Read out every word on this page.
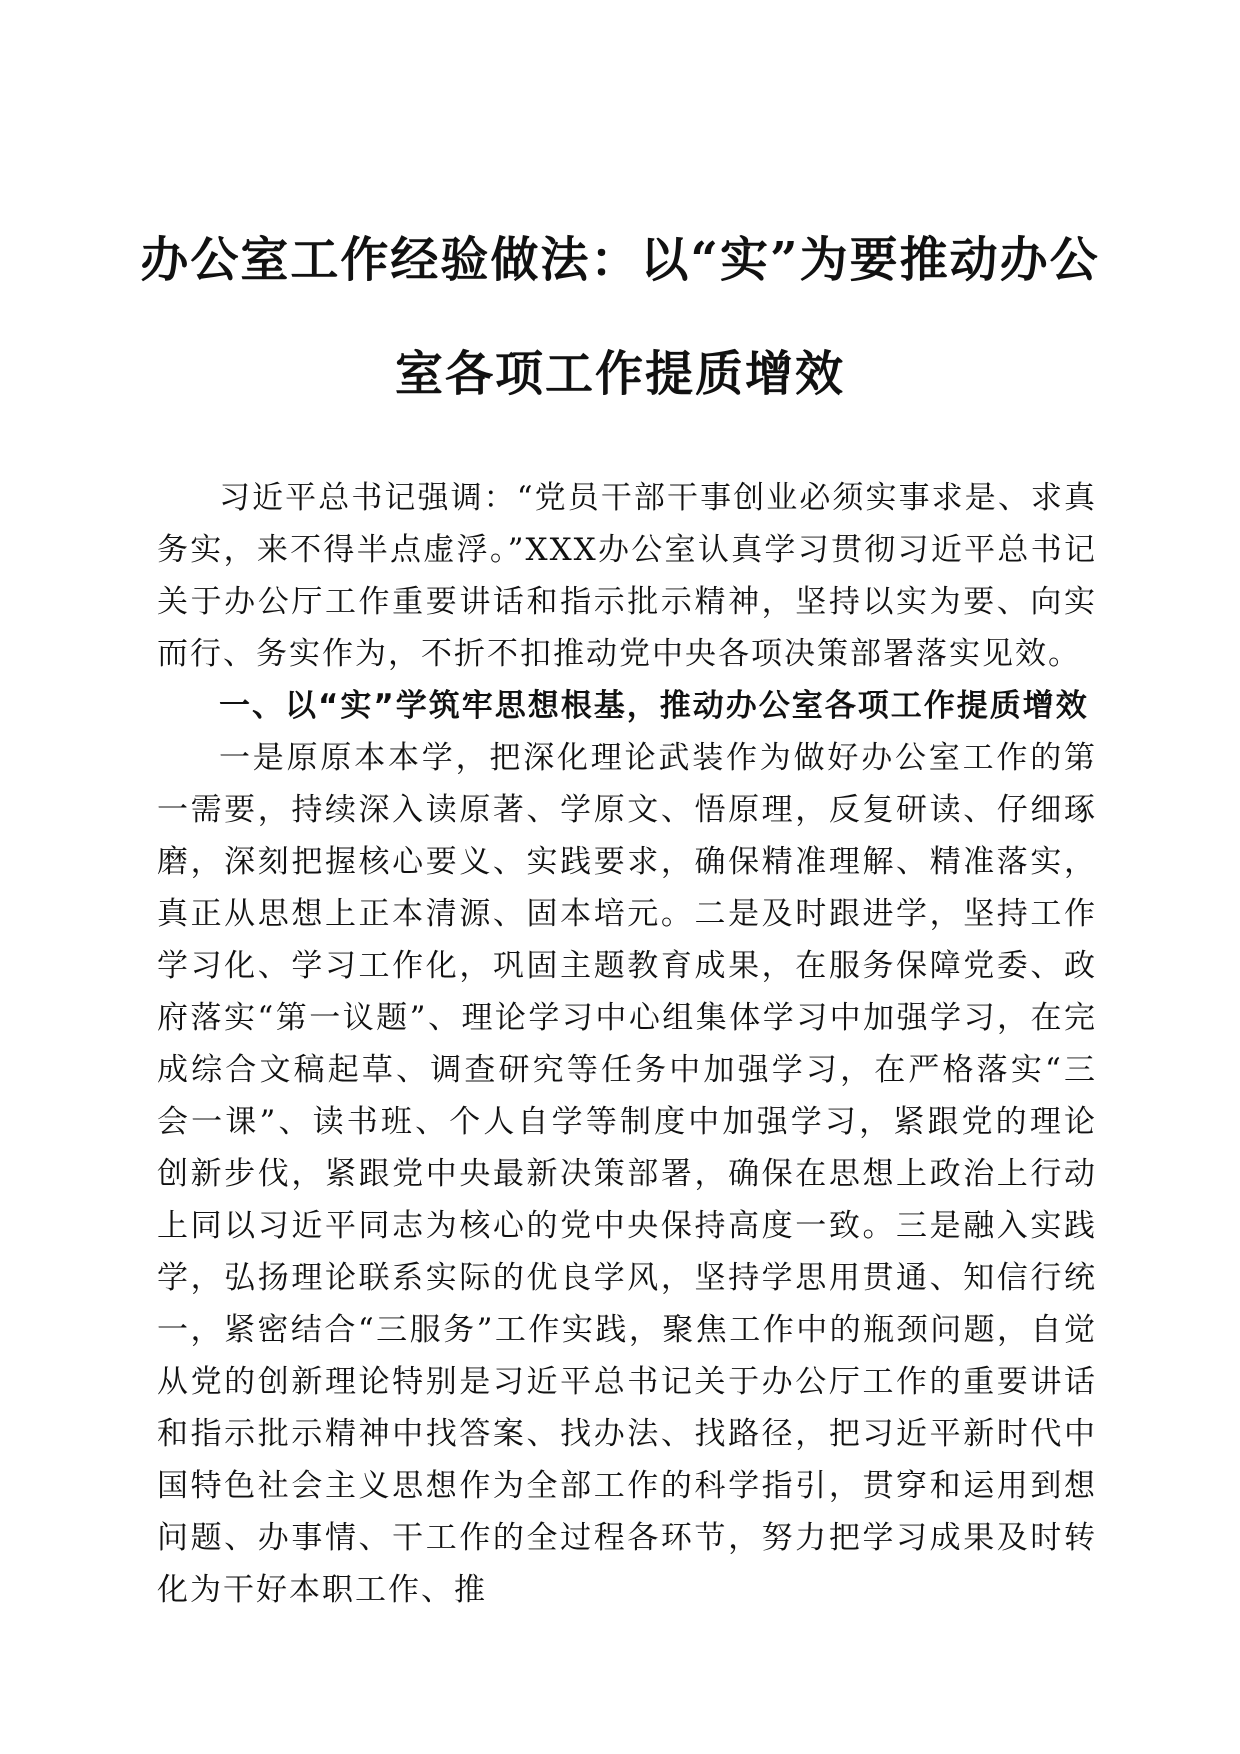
办公室工作经验做法：以“实”为要推动办公
室各项工作提质增效

习近平总书记强调：“党员干部干事创业必须实事求是、求真务实，来不得半点虚浮。”XXX办公室认真学习贯彻习近平总书记关于办公厅工作重要讲话和指示批示精神，坚持以实为要、向实而行、务实作为，不折不扣推动党中央各项决策部署落实见效。

一、以“实”学筑牢思想根基，推动办公室各项工作提质增效

一是原原本本学，把深化理论武装作为做好办公室工作的第一需要，持续深入读原著、学原文、悟原理，反复研读、仔细琢磨，深刻把握核心要义、实践要求，确保精准理解、精准落实，真正从思想上正本清源、固本培元。二是及时跟进学，坚持工作学习化、学习工作化，巩固主题教育成果，在服务保障党委、政府落实“第一议题”、理论学习中心组集体学习中加强学习，在完成综合文稿起草、调查研究等任务中加强学习，在严格落实“三会一课”、读书班、个人自学等制度中加强学习，紧跟党的理论创新步伐，紧跟党中央最新决策部署，确保在思想上政治上行动上同以习近平同志为核心的党中央保持高度一致。三是融入实践学，弘扬理论联系实际的优良学风，坚持学思用贯通、知信行统一，紧密结合“三服务”工作实践，聚焦工作中的瓶颈问题，自觉从党的创新理论特别是习近平总书记关于办公厅工作的重要讲话和指示批示精神中找答案、找办法、找路径，把习近平新时代中国特色社会主义思想作为全部工作的科学指引，贯穿和运用到想问题、办事情、干工作的全过程各环节，努力把学习成果及时转化为干好本职工作、推
